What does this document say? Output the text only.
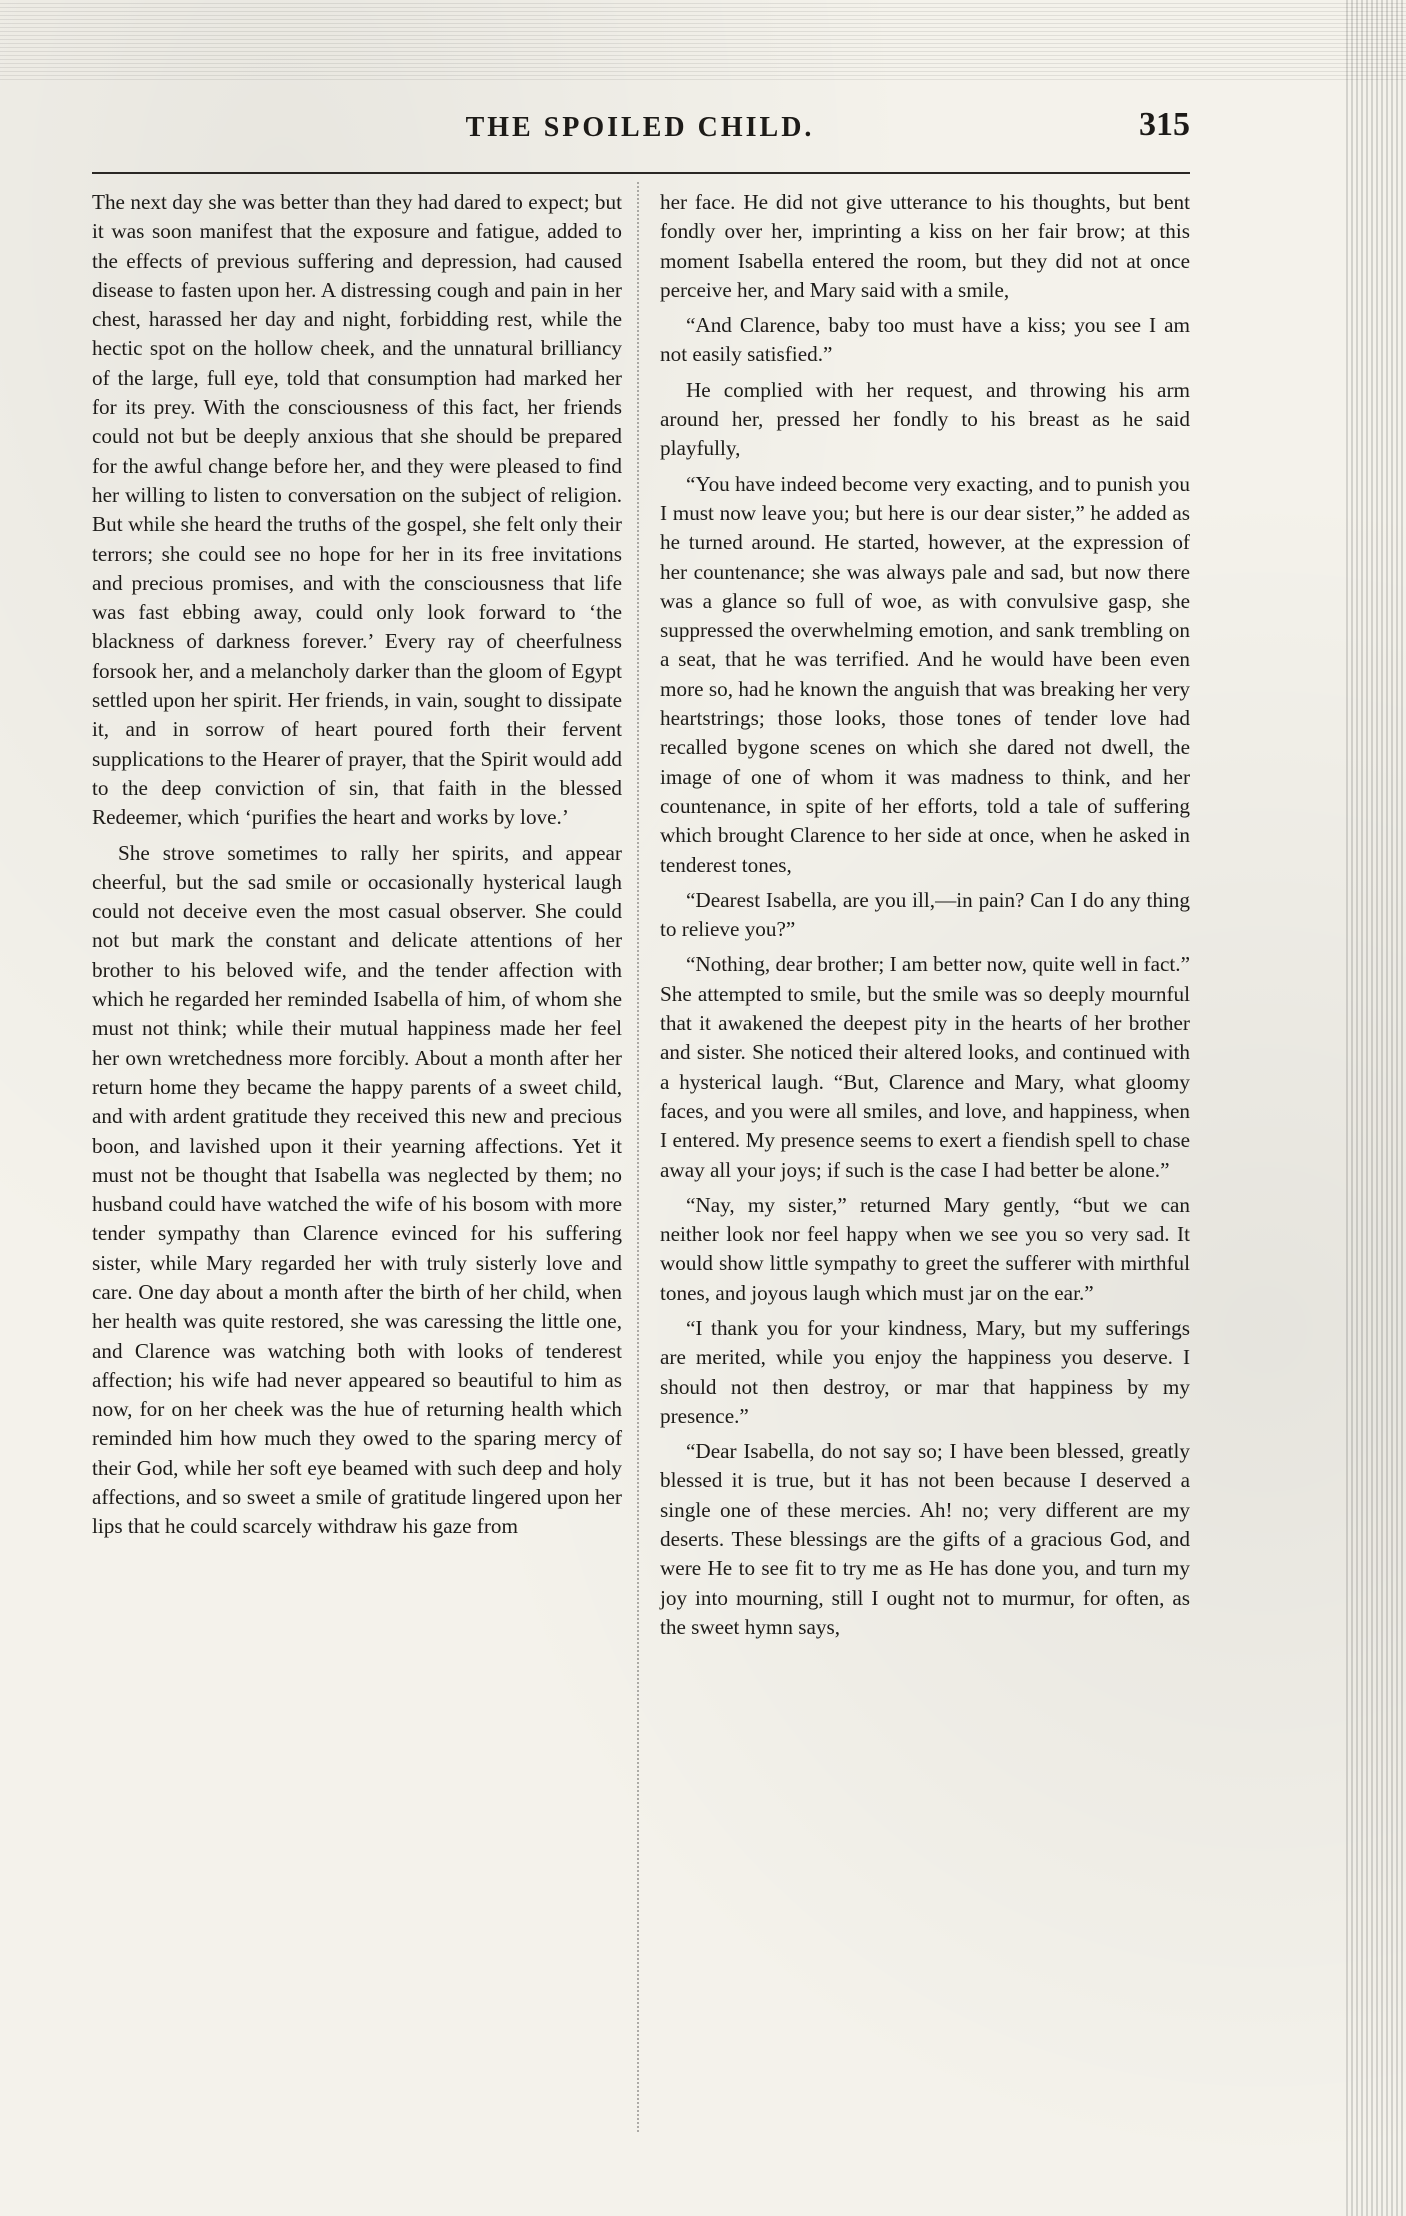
THE SPOILED CHILD.	315

The next day she was better than they had dared to expect; but it was soon manifest that the exposure and fatigue, added to the effects of previous suffering and depression, had caused disease to fasten upon her. A distressing cough and pain in her chest, harassed her day and night, forbidding rest, while the hectic spot on the hollow cheek, and the unnatural brilliancy of the large, full eye, told that consumption had marked her for its prey. With the consciousness of this fact, her friends could not but be deeply anxious that she should be prepared for the awful change before her, and they were pleased to find her willing to listen to conversation on the subject of religion. But while she heard the truths of the gospel, she felt only their terrors; she could see no hope for her in its free invitations and precious promises, and with the consciousness that life was fast ebbing away, could only look forward to ‘the blackness of darkness forever.’ Every ray of cheerfulness forsook her, and a melancholy darker than the gloom of Egypt settled upon her spirit. Her friends, in vain, sought to dissipate it, and in sorrow of heart poured forth their fervent supplications to the Hearer of prayer, that the Spirit would add to the deep conviction of sin, that faith in the blessed Redeemer, which ‘purifies the heart and works by love.’

She strove sometimes to rally her spirits, and appear cheerful, but the sad smile or occasionally hysterical laugh could not deceive even the most casual observer. She could not but mark the constant and delicate attentions of her brother to his beloved wife, and the tender affection with which he regarded her reminded Isabella of him, of whom she must not think; while their mutual happiness made her feel her own wretchedness more forcibly. About a month after her return home they became the happy parents of a sweet child, and with ardent gratitude they received this new and precious boon, and lavished upon it their yearning affections. Yet it must not be thought that Isabella was neglected by them; no husband could have watched the wife of his bosom with more tender sympathy than Clarence evinced for his suffering sister, while Mary regarded her with truly sisterly love and care. One day about a month after the birth of her child, when her health was quite restored, she was caressing the little one, and Clarence was watching both with looks of tenderest affection; his wife had never appeared so beautiful to him as now, for on her cheek was the hue of returning health which reminded him how much they owed to the sparing mercy of their God, while her soft eye beamed with such deep and holy affections, and so sweet a smile of gratitude lingered upon her lips that he could scarcely withdraw his gaze from

her face. He did not give utterance to his thoughts, but bent fondly over her, imprinting a kiss on her fair brow; at this moment Isabella entered the room, but they did not at once perceive her, and Mary said with a smile,

“And Clarence, baby too must have a kiss; you see I am not easily satisfied.”

He complied with her request, and throwing his arm around her, pressed her fondly to his breast as he said playfully,

“You have indeed become very exacting, and to punish you I must now leave you; but here is our dear sister,” he added as he turned around. He started, however, at the expression of her countenance; she was always pale and sad, but now there was a glance so full of woe, as with convulsive gasp, she suppressed the overwhelming emotion, and sank trembling on a seat, that he was terrified. And he would have been even more so, had he known the anguish that was breaking her very heartstrings; those looks, those tones of tender love had recalled bygone scenes on which she dared not dwell, the image of one of whom it was madness to think, and her countenance, in spite of her efforts, told a tale of suffering which brought Clarence to her side at once, when he asked in tenderest tones,

“Dearest Isabella, are you ill,—in pain? Can I do any thing to relieve you?”

“Nothing, dear brother; I am better now, quite well in fact.” She attempted to smile, but the smile was so deeply mournful that it awakened the deepest pity in the hearts of her brother and sister. She noticed their altered looks, and continued with a hysterical laugh. “But, Clarence and Mary, what gloomy faces, and you were all smiles, and love, and happiness, when I entered. My presence seems to exert a fiendish spell to chase away all your joys; if such is the case I had better be alone.”

“Nay, my sister,” returned Mary gently, “but we can neither look nor feel happy when we see you so very sad. It would show little sympathy to greet the sufferer with mirthful tones, and joyous laugh which must jar on the ear.”

“I thank you for your kindness, Mary, but my sufferings are merited, while you enjoy the happiness you deserve. I should not then destroy, or mar that happiness by my presence.”

“Dear Isabella, do not say so; I have been blessed, greatly blessed it is true, but it has not been because I deserved a single one of these mercies. Ah! no; very different are my deserts. These blessings are the gifts of a gracious God, and were He to see fit to try me as He has done you, and turn my joy into mourning, still I ought not to murmur, for often, as the sweet hymn says,
